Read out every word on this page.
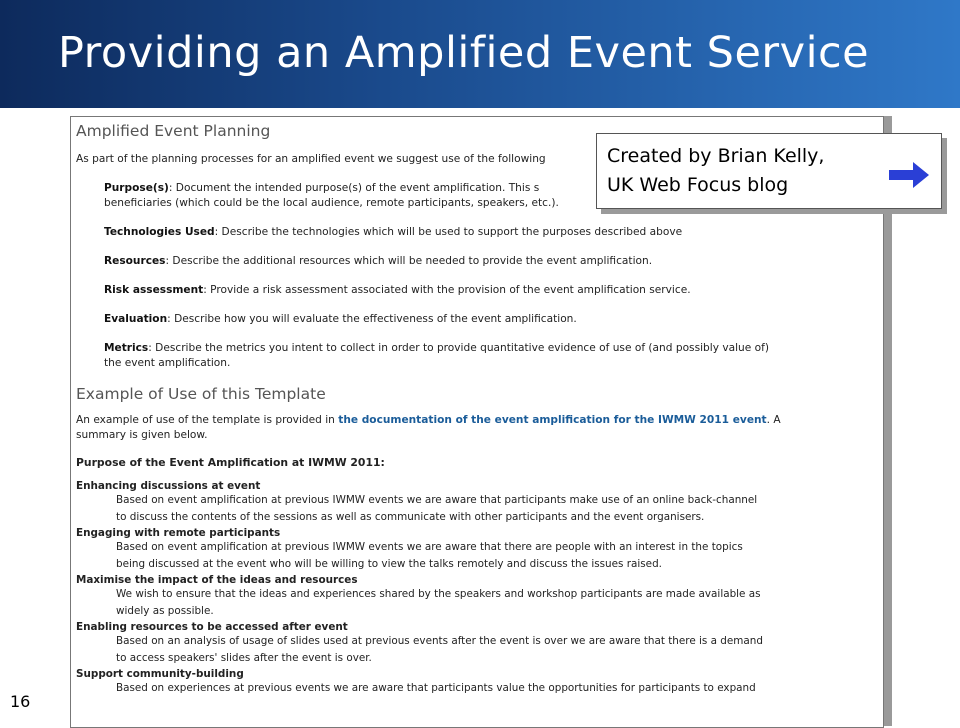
Providing an Amplified Event Service
Amplified Event Planning
As part of the planning processes for an amplified event we suggest use of the following
Purpose(s): Document the intended purpose(s) of the event amplification. This s
beneficiaries (which could be the local audience, remote participants, speakers, etc.).
Technologies Used: Describe the technologies which will be used to support the purposes described above
Resources: Describe the additional resources which will be needed to provide the event amplification.
Risk assessment: Provide a risk assessment associated with the provision of the event amplification service.
Evaluation: Describe how you will evaluate the effectiveness of the event amplification.
Metrics: Describe the metrics you intent to collect in order to provide quantitative evidence of use of (and possibly value of)
the event amplification.
Example of Use of this Template
An example of use of the template is provided in the documentation of the event amplification for the IWMW 2011 event. A
summary is given below.
Purpose of the Event Amplification at IWMW 2011:
Enhancing discussions at event
Based on event amplification at previous IWMW events we are aware that participants make use of an online back-channel
to discuss the contents of the sessions as well as communicate with other participants and the event organisers.
Engaging with remote participants
Based on event amplification at previous IWMW events we are aware that there are people with an interest in the topics
being discussed at the event who will be willing to view the talks remotely and discuss the issues raised.
Maximise the impact of the ideas and resources
We wish to ensure that the ideas and experiences shared by the speakers and workshop participants are made available as
widely as possible.
Enabling resources to be accessed after event
Based on an analysis of usage of slides used at previous events after the event is over we are aware that there is a demand
to access speakers' slides after the event is over.
Support community-building
Based on experiences at previous events we are aware that participants value the opportunities for participants to expand
Created by Brian Kelly,
UK Web Focus blog
16
